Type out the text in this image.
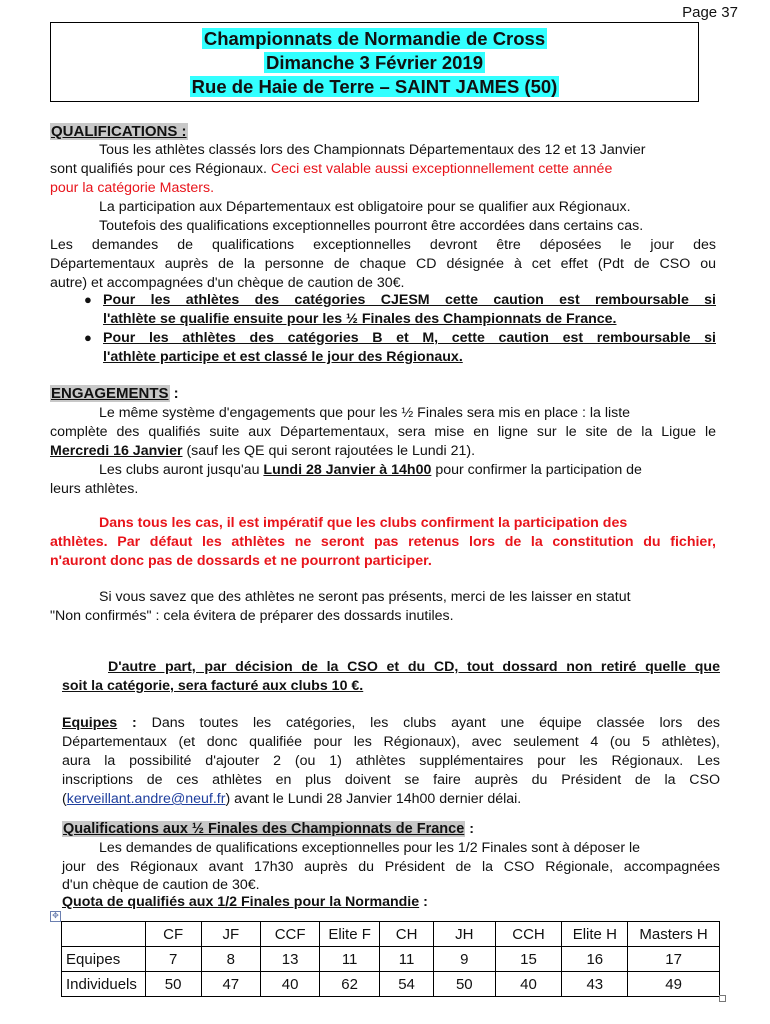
Page 37
Championnats de Normandie de Cross
Dimanche 3 Février 2019
Rue de Haie de Terre – SAINT JAMES (50)
QUALIFICATIONS :
Tous les athlètes classés lors des Championnats Départementaux des 12 et 13 Janvier
sont qualifiés pour ces Régionaux. Ceci est valable aussi exceptionnellement cette année
pour la catégorie Masters.
La participation aux Départementaux est obligatoire pour se qualifier aux Régionaux.
Toutefois des qualifications exceptionnelles pourront être accordées dans certains cas.
Les demandes de qualifications exceptionnelles devront être déposées le jour des
Départementaux auprès de la personne de chaque CD désignée à cet effet (Pdt de CSO ou
autre) et accompagnées d'un chèque de caution de 30€.
● Pour les athlètes des catégories CJESM cette caution est remboursable si
l'athlète se qualifie ensuite pour les ½ Finales des Championnats de France.
● Pour les athlètes des catégories B et M, cette caution est remboursable si
l'athlète participe et est classé le jour des Régionaux.
ENGAGEMENTS :
Le même système d'engagements que pour les ½ Finales sera mis en place : la liste
complète des qualifiés suite aux Départementaux, sera mise en ligne sur le site de la Ligue le
Mercredi 16 Janvier (sauf les QE qui seront rajoutées le Lundi 21).
Les clubs auront jusqu'au Lundi 28 Janvier à 14h00 pour confirmer la participation de
leurs athlètes.
Dans tous les cas, il est impératif que les clubs confirment la participation des
athlètes. Par défaut les athlètes ne seront pas retenus lors de la constitution du fichier,
n'auront donc pas de dossards et ne pourront participer.
Si vous savez que des athlètes ne seront pas présents, merci de les laisser en statut
"Non confirmés" : cela évitera de préparer des dossards inutiles.
D'autre part, par décision de la CSO et du CD, tout dossard non retiré quelle que
soit la catégorie, sera facturé aux clubs 10 €.
Equipes : Dans toutes les catégories, les clubs ayant une équipe classée lors des
Départementaux (et donc qualifiée pour les Régionaux), avec seulement 4 (ou 5 athlètes),
aura la possibilité d'ajouter 2 (ou 1) athlètes supplémentaires pour les Régionaux. Les
inscriptions de ces athlètes en plus doivent se faire auprès du Président de la CSO
(kerveillant.andre@neuf.fr) avant le Lundi 28 Janvier 14h00 dernier délai.
Qualifications aux ½ Finales des Championnats de France :
Les demandes de qualifications exceptionnelles pour les 1/2 Finales sont à déposer le
jour des Régionaux avant 17h30 auprès du Président de la CSO Régionale, accompagnées
d'un chèque de caution de 30€.
Quota de qualifiés aux 1/2 Finales pour la Normandie :
✥
	CF	JF	CCF	Elite F	CH	JH	CCH	Elite H	Masters H
Equipes	7	8	13	11	11	9	15	16	17
Individuels	50	47	40	62	54	50	40	43	49
